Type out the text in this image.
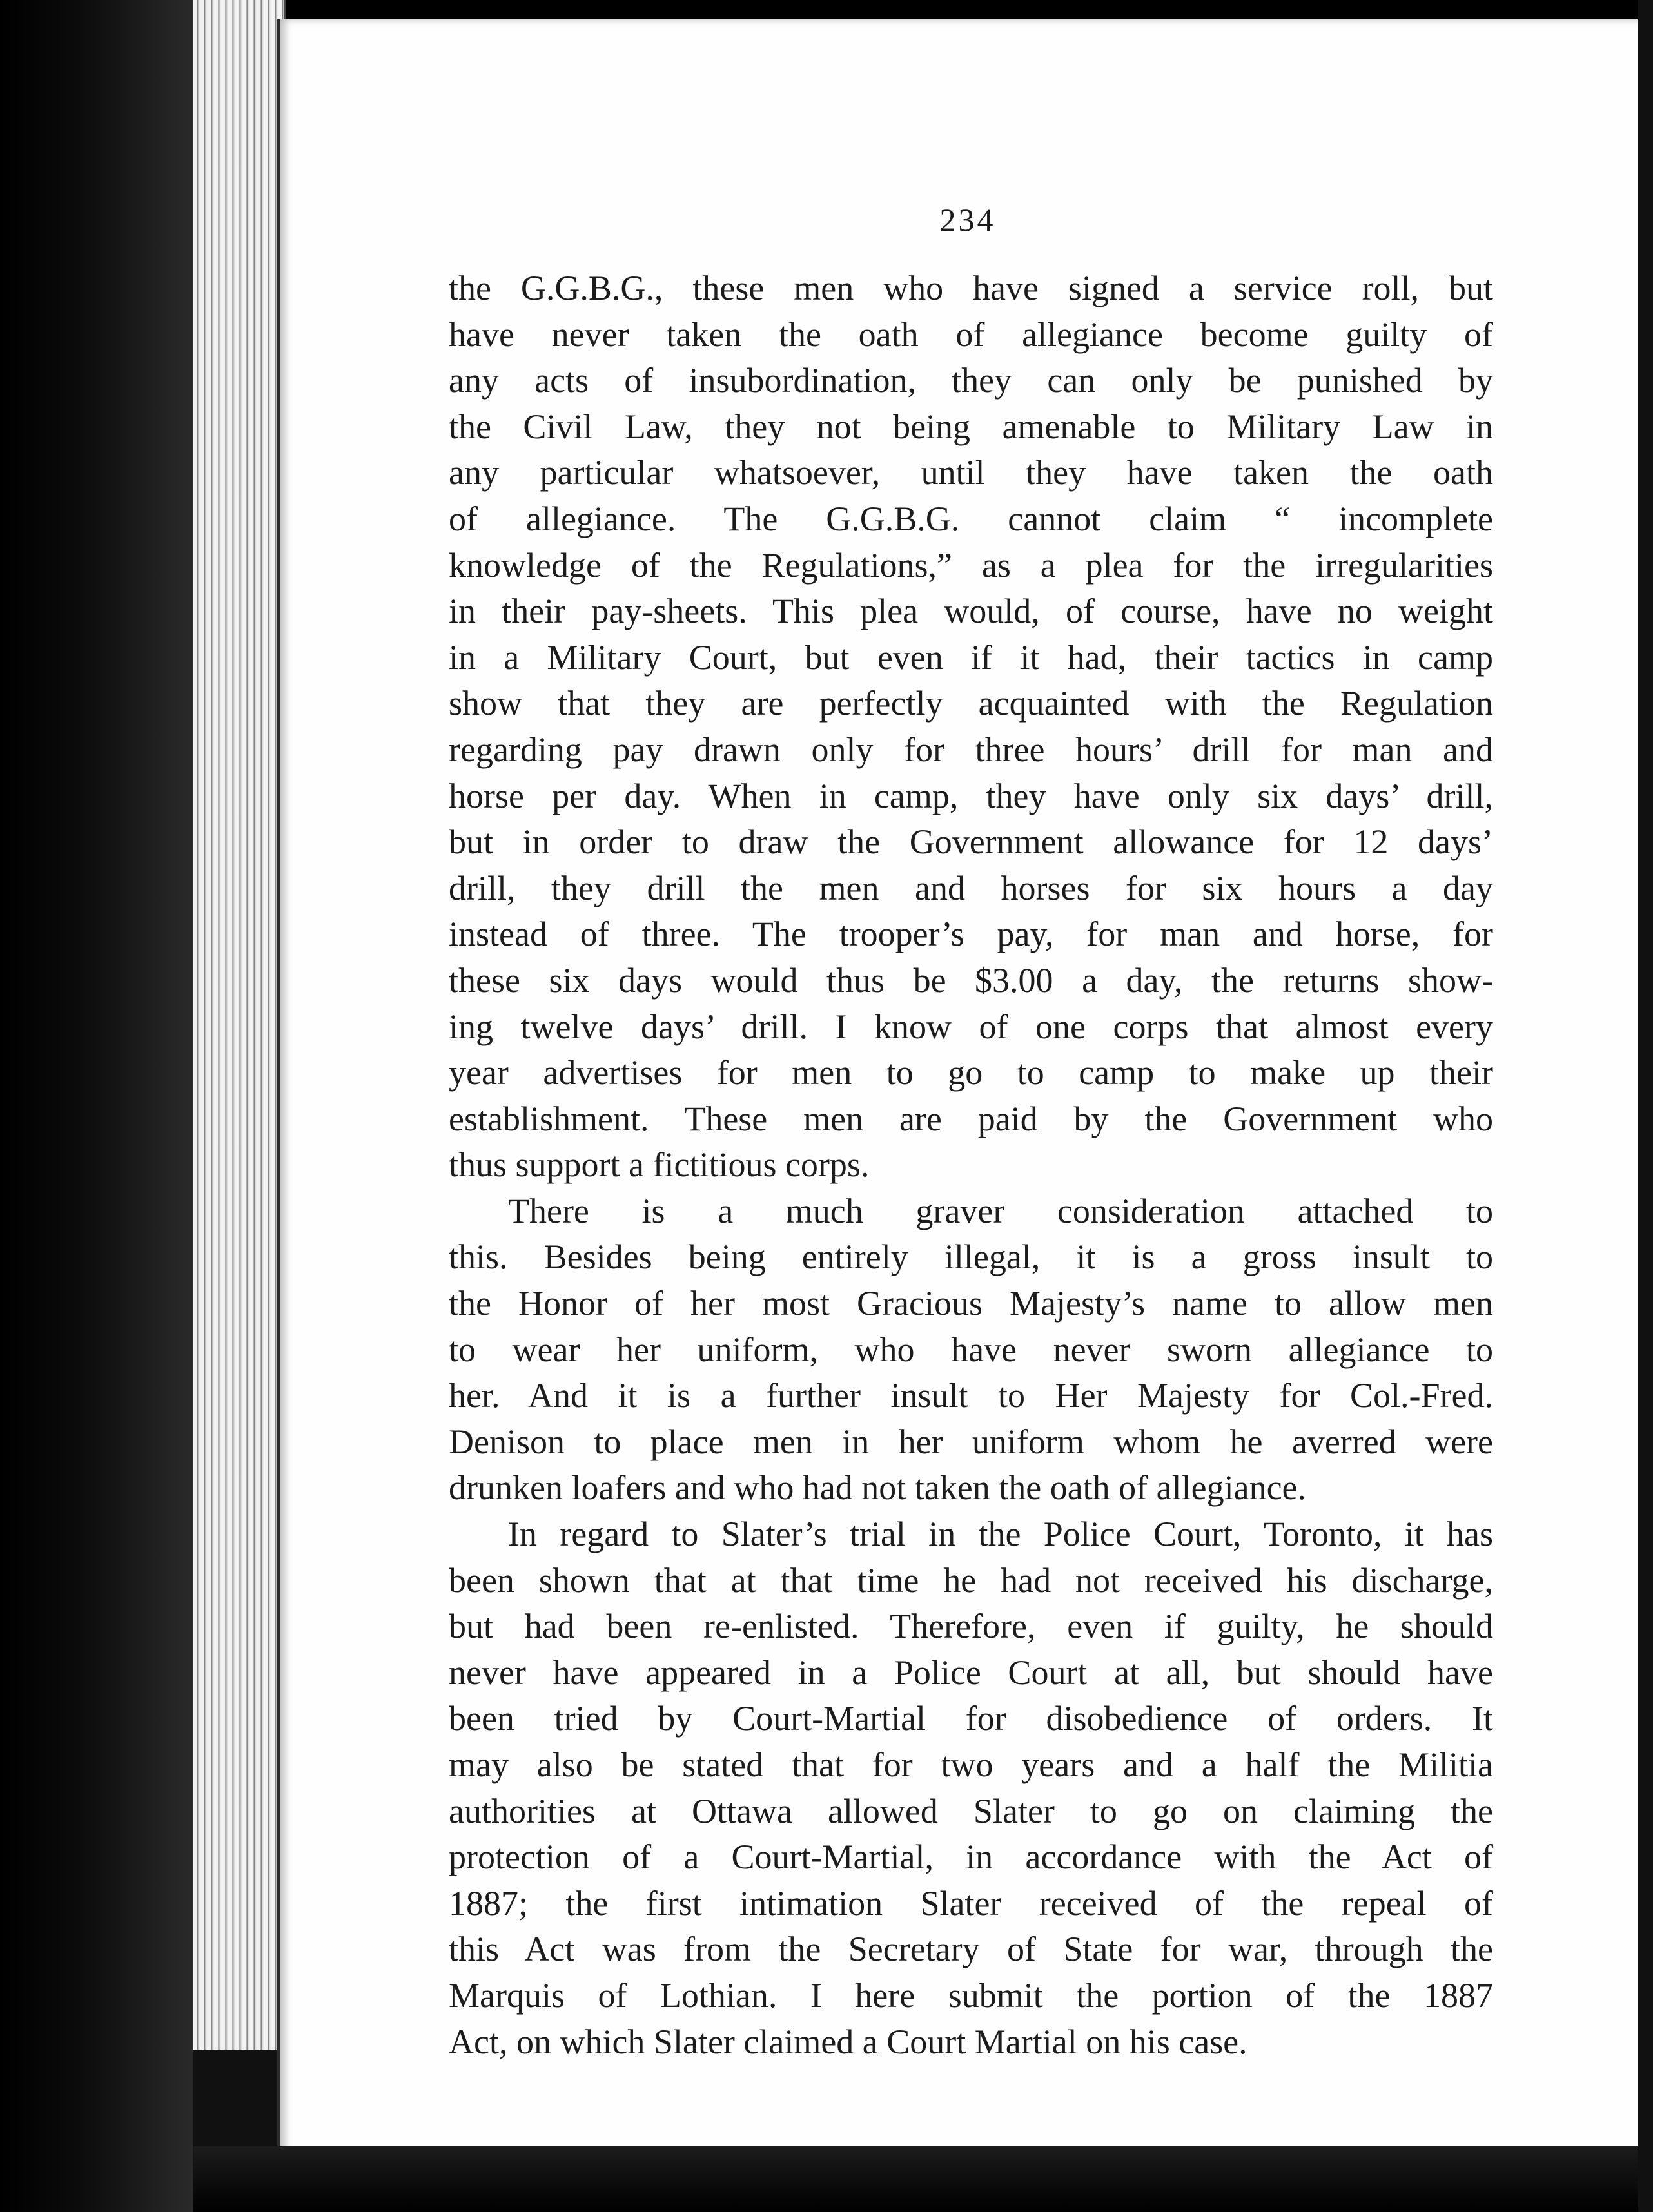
234
the G.G.B.G., these men who have signed a service roll, but
have never taken the oath of allegiance become guilty of
any acts of insubordination, they can only be punished by
the Civil Law, they not being amenable to Military Law in
any particular whatsoever, until they have taken the oath
of allegiance. The G.G.B.G. cannot claim “ incomplete
knowledge of the Regulations,” as a plea for the irregularities
in their pay-sheets. This plea would, of course, have no weight
in a Military Court, but even if it had, their tactics in camp
show that they are perfectly acquainted with the Regulation
regarding pay drawn only for three hours’ drill for man and
horse per day. When in camp, they have only six days’ drill,
but in order to draw the Government allowance for 12 days’
drill, they drill the men and horses for six hours a day
instead of three. The trooper’s pay, for man and horse, for
these six days would thus be $3.00 a day, the returns show-
ing twelve days’ drill. I know of one corps that almost every
year advertises for men to go to camp to make up their
establishment. These men are paid by the Government who
thus support a fictitious corps.
There is a much graver consideration attached to
this. Besides being entirely illegal, it is a gross insult to
the Honor of her most Gracious Majesty’s name to allow men
to wear her uniform, who have never sworn allegiance to
her. And it is a further insult to Her Majesty for Col.-Fred.
Denison to place men in her uniform whom he averred were
drunken loafers and who had not taken the oath of allegiance.
In regard to Slater’s trial in the Police Court, Toronto, it has
been shown that at that time he had not received his discharge,
but had been re-enlisted. Therefore, even if guilty, he should
never have appeared in a Police Court at all, but should have
been tried by Court-Martial for disobedience of orders. It
may also be stated that for two years and a half the Militia
authorities at Ottawa allowed Slater to go on claiming the
protection of a Court-Martial, in accordance with the Act of
1887; the first intimation Slater received of the repeal of
this Act was from the Secretary of State for war, through the
Marquis of Lothian. I here submit the portion of the 1887
Act, on which Slater claimed a Court Martial on his case.
